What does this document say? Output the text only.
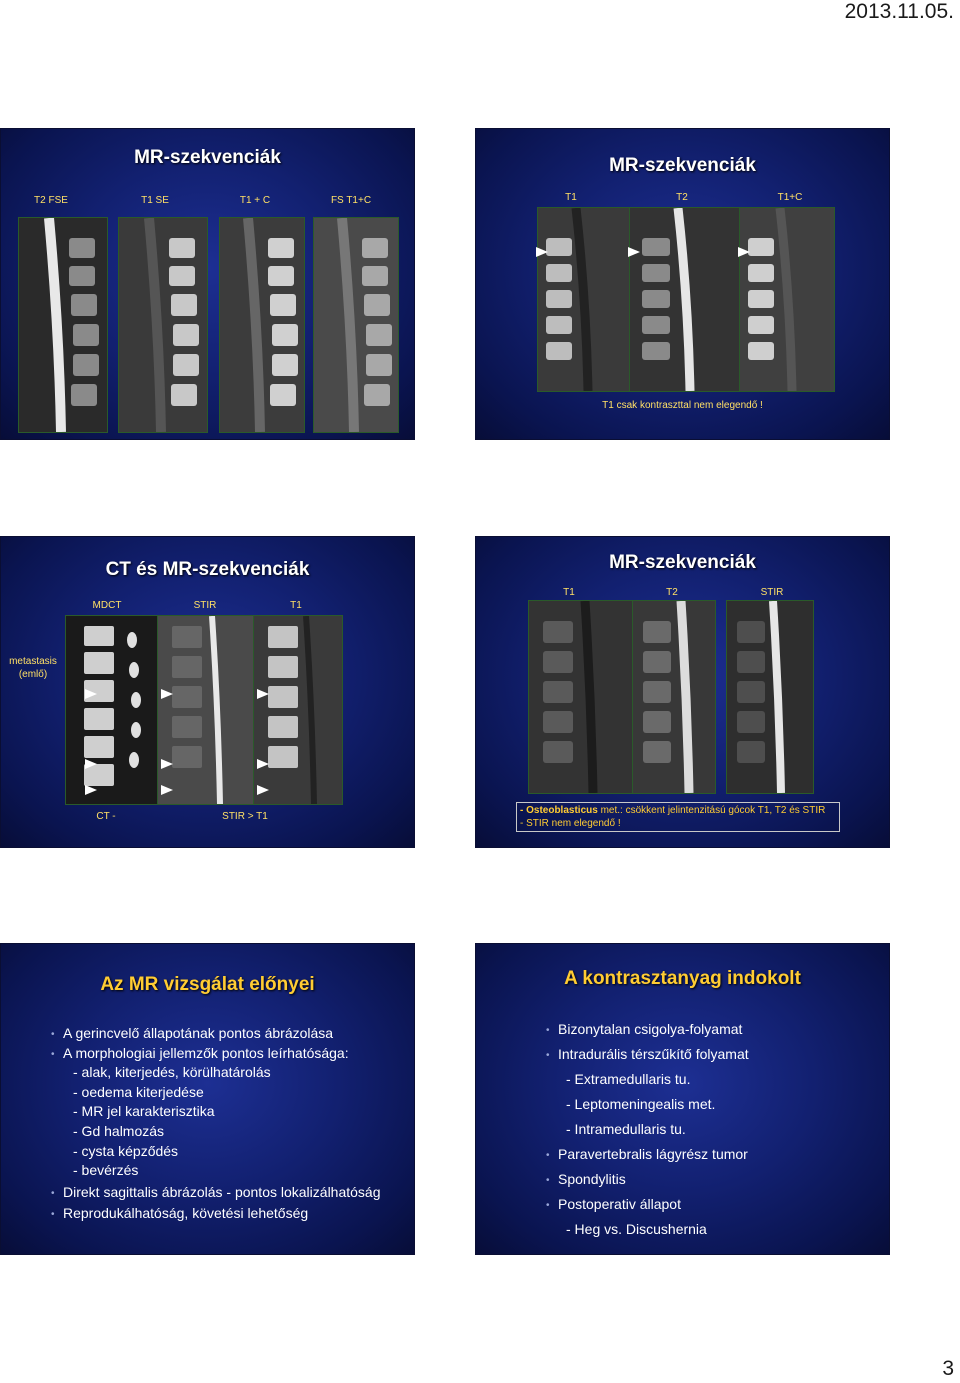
2013.11.05.
MR-szekvenciák
T2 FSE	T1 SE	T1 + C	FS T1+C
MR-szekvenciák
T1	T2	T1+C
T1 csak kontraszttal nem elegendő !
CT és MR-szekvenciák
MDCT	STIR	T1
metastasis
(emlő)
CT -	STIR > T1
MR-szekvenciák
T1	T2	STIR
- Osteoblasticus met.: csökkent jelintenzitású gócok T1, T2 és STIR
- STIR nem elegendő !
Az MR vizsgálat előnyei
• A gerincvelő állapotának pontos ábrázolása
• A morphologiai jellemzők pontos leírhatósága:
- alak, kiterjedés, körülhatárolás
- oedema kiterjedése
- MR jel karakterisztika
- Gd halmozás
- cysta képződés
- bevérzés
• Direkt sagittalis ábrázolás - pontos lokalizálhatóság
• Reprodukálhatóság, követési lehetőség
A kontrasztanyag indokolt
• Bizonytalan csigolya-folyamat
• Intradurális térszűkítő folyamat
- Extramedullaris tu.
- Leptomeningealis met.
- Intramedullaris tu.
• Paravertebralis lágyrész tumor
• Spondylitis
• Postoperativ állapot
- Heg vs. Discushernia
3
